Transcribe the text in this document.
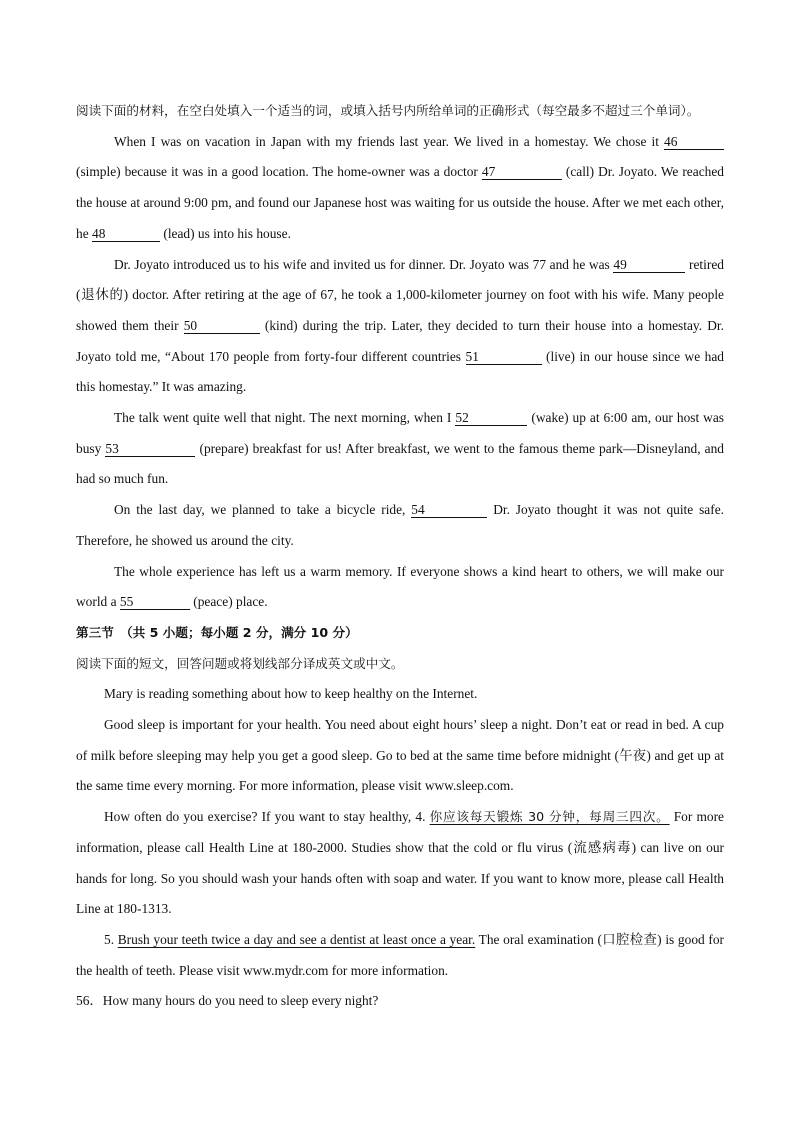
阅读下面的材料，在空白处填入一个适当的词，或填入括号内所给单词的正确形式（每空最多不超过三个单词）。

When I was on vacation in Japan with my friends last year. We lived in a homestay. We chose it 46 (simple) because it was in a good location. The home-owner was a doctor 47	(call) Dr. Joyato. We reached the house at around 9:00 pm, and found our Japanese host was waiting for us outside the house. After we met each other, he 48	(lead) us into his house.

Dr. Joyato introduced us to his wife and invited us for dinner. Dr. Joyato was 77 and he was 49	retired (退休的) doctor. After retiring at the age of 67, he took a 1,000-kilometer journey on foot with his wife. Many people showed them their 50	(kind) during the trip. Later, they decided to turn their house into a homestay. Dr. Joyato told me, “About 170 people from forty-four different countries 51	(live) in our house since we had this homestay.” It was amazing.

The talk went quite well that night. The next morning, when I 52	(wake) up at 6:00 am, our host was busy 53	(prepare) breakfast for us! After breakfast, we went to the famous theme park—Disneyland, and had so much fun.

On the last day, we planned to take a bicycle ride, 54	Dr. Joyato thought it was not quite safe. Therefore, he showed us around the city.

The whole experience has left us a warm memory. If everyone shows a kind heart to others, we will make our world a 55	(peace) place.

第三节　（共 5 小题；每小题 2 分，满分 10 分）

阅读下面的短文，回答问题或将划线部分译成英文或中文。

Mary is reading something about how to keep healthy on the Internet.

Good sleep is important for your health. You need about eight hours’ sleep a night. Don’t eat or read in bed. A cup of milk before sleeping may help you get a good sleep. Go to bed at the same time before midnight (午夜) and get up at the same time every morning. For more information, please visit www.sleep.com.

How often do you exercise? If you want to stay healthy, 4. 你应该每天锻炼 30 分钟，每周三四次。 For more information, please call Health Line at 180-2000. Studies show that the cold or flu virus (流感病毒) can live on our hands for long. So you should wash your hands often with soap and water. If you want to know more, please call Health Line at 180-1313.

5. Brush your teeth twice a day and see a dentist at least once a year. The oral examination (口腔检查) is good for the health of teeth. Please visit www.mydr.com for more information.

56．How many hours do you need to sleep every night?
